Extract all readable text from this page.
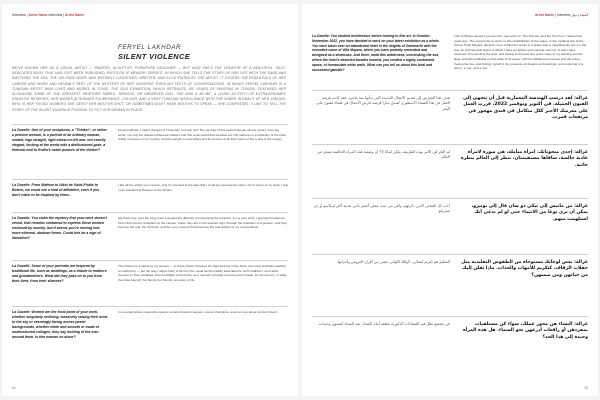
Interview | Artist Name Interview | Artist Name
FERYEL LAKHDAR
SILENT VIOLENCE
WE'VE KNOWN HER AS A VISUAL ARTIST — PAINTER, SCULPTOR, FURNITURE DESIGNER — BUT NOW SHE'S THE CREATOR OF A BEAUTIFUL, SELF-DEDICATED BOOK THAT HAS JUST BEEN PUBLISHED, ENTITLED 'IF MEMORY SERVES', IN WHICH SHE TELLS THE STORY OF HER LIFE WITH THE SAND AND WATCHING THE SEA, THE 150-PAGE WORK WAS ENTIRELY CONCEIVED, WRITTEN, AND ILLUSTRATED BY THE ARTIST. IT COVERS THE ESSENTIALS OF HER CAREER AND WORK AND REVEALS PART OF THE MYSTERY OF HER UNIVERSE THROUGH TEXTS OF CONVERSATIONS, IN WHICH FERYEL LAKHDAR IS A TUNISIAN ARTIST WHO LIVES AND WORKS IN TUNIS. THE 2016 EXHIBITION, WHICH RETRACED 100 YEARS OF PAINTING IN TUNISIA, FEATURED HER ALONGSIDE SOME OF THE GREATEST. WHETHER SIMPLE, SERIOUS, OR OBSERVED GIRL, SHE WAS A 'MI ME', A LIVING ACTIVITY OF EXTRAORDINARY CREATIVE REVERIES, HER WORDS ALTERNATE EXUBERANCE, COLOUR, AND A VERY TUNISIAN INSOUCIANCE WITH THE SOBER INTIMACY OF HER VISIONS. WHO IS HER YOUNG WOMEN'S SHE SEES? HER MOUTHS SHUT, OR SOMETIMES DON'T HAVE MOUTHS TO SPEAK — SHE CONFESSES, 'I LIKE TO TELL THE STORY OF THE SILENT VIOLENCE PUSHING TO PUT OUR WOMAN IN PLACE.'
La Gazelle: One of your sculptures, a "Thinker", or rather a pensive woman, is a portrait of an ordinary woman, seated, legs straight, right elbow on left arm, not exactly elegant, looking at the world with a disillusioned gaze, a feminist nod to Rodin's noble posture of the thinker?
Feryel Lakhdar: I hadn't thought of it that way, but why not? The posture of this seated woman almost mocks more the world, not only the debate evidenced masters and this smart world that elevates art. Her sadness is a reflection of the bitter reality of women in my country, and the weight on everything and its mercies of all their vision of life is one of the energy.
La Gazelle: From Matisse to Nikki de Saint-Phalle to Botero, we could see a kind of affiliation, even if you don't claim to be inspired by them...
I like all the artists you mention, and I'm touched at the idea that I could be connected to them, but in terms of my work, I feel more indebted to Picasso or De Chirico.
La Gazelle: You claim the mystery that your work doesn't reveal, that remains contained to express these women enclosed by society, but it seems you're moving into more ethereal, abstract forms. Could this be a sign of liberation?
My book may, over the long, have revealed the difficulty of expressing the feminine. In my own work, I approach bodies as forms that can be multiplied on the canvas, where they are in the wooden logs, through the repetition of a gesture, until they become the real, the rhythmic, and the very moment that becomes the real subject of my compositions.
La Gazelle: Some of your portraits are inspired by traditional ills, such as weddings, as a tribute to mothers and grandmothers. What did they pass on to you from their lives, from their silences?
The Kitchen is a tribute to my women — to those chiefly between the high and low of the bride, the many festivities leading to matrimony — but the way I depict them is far from the usual sentimentality associated to such traditions, and rather focuses on their nostalgia, their sensibility of the bride, as a moment of family and everyone's heart, for the women, or what the bride has left; her family, her friends, as a way of life.
La Gazelle: Women are the focal point of your work, whether singularly reclining, massively raising their arms to the sky or seemingly facing across pastel backgrounds, whether white and smooth or made of multicoloured collages, they say nothing of the men around them. Is this woman so alone?
In a society where masculine spaces remain closed to women, women find alone, and men are alone but don't feel it.
54
أسماء | حوار Artist Name | Interview
La Gazelle: You studied architecture before turning to fine art. In October-November 2022, you have decided to work on your latest exhibition as a whole. You have taken over an abandoned hotel in the heights of Gammarth with the evocative name of Villa Mayara, which you have partially renovated and designed as a showcase. And there, amid this wilderness, overlooking the sea, where the hotel's deserted facades loomed, you created a highly contrasted space, of immaculate white walls. What can you tell us about this total and successful gamble?
This exhibition aimed to present the new work on 'The Pension and the Tea Tree' I started two years ago. The opportunity to work on this rehabilitation of the space, in the mythical site of the former Hotel Mayara, allowed me to exhibit the works in a space that is magnificently open to the sea, an architectural object of which I have an artistic and intimate memory. In fact I have dreamed of reconciling the past, and having in the past few years many of my painting and the large portraits exhibited on this walls of its space, with its childhood memories and the future, freeing the two, and finding myself in the presence of dreams and paintings, and exploring of a 'them', a 'me', and a 'we'.
غزالة: لقد درستِ الهندسة المعمارية قبل أن تتجهي إلى الفنون الجميلة. في أكتوبر ونوفمبر 2022، قررتِ العمل على معرضك الأخير ككل متكامل في فندق مهجور في مرتفعات قمرت.
هدف هذا المعرض إلى تقديم الأعمال الجديدة التي بدأتها منذ عامين، فقد كانت فرصة العمل في هذا الفضاء الأسطوري لفندق ميارا فرصة لعرض الأعمال في فضاء مفتوح على البحر.
غزالة: إحدى منحوتاتك، امرأة متأملة، هي صورة لامرأة عادية جالسة، ساقاها مستقيمتان، تنظر إلى العالم بنظرة خائبة.
لم أفكر في الأمر بهذه الطريقة، ولكن لماذا لا؟ إن وضعية هذه المرأة الجالسة تسخر من العالم.
غزالة: من ماتيس إلى نيكي دو سان فال إلى بوتيرو، يمكن أن نرى نوعا من الانتماء حتى لو لم تدعي أنك استلهمت منهم.
أحب كل الفنانين الذين ذكرتهم، ولكن من حيث عملي أشعر بأنني مدينة أكثر لبيكاسو أو دي شيريكو.
غزالة: بعض لوحاتك مستوحاة من الطقوس التقليدية مثل حفلات الزفاف، كتكريم للأمهات والجدات. ماذا نقلن إليك من حياتهن ومن صمتهن؟
المطبخ هو تكريم لنسائي، لأولئك اللواتي عشن بين أفراح العروس وأحزانها.
غزالة: النساء هن محور عملك، سواء كن مستلقيات بمفردهن أو رافعات أذرعهن نحو السماء. هل هذه المرأة وحيدة إلى هذا الحد؟
في مجتمع تظل فيه الفضاءات الذكورية مغلقة أمام النساء، تجد النساء أنفسهن وحيدات.
55
